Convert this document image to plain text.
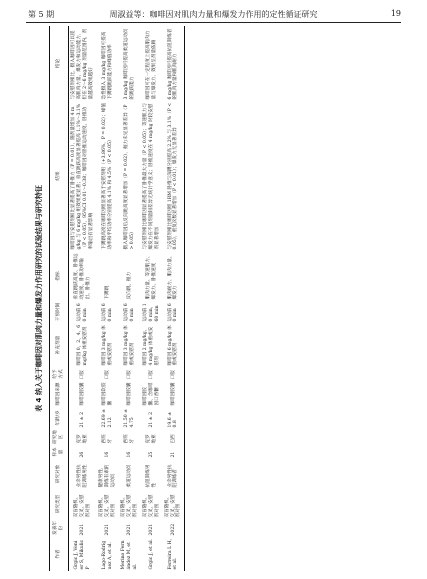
第 5 期	周淑益等：咖啡因对肌肉力量和爆发力作用的定性循证研究	19
表 4 纳入关于咖啡因对肌肉力量和爆发力作用研究的试验结果与研究特征
作者	发表年份	研究类型	研究对象	样本量	研究地区	年龄/岁	咖啡因来源	给予方式	补充剂量	干预时间	指标	结果	结论
Grgic J, Venier S, Mikulic P	2021	双盲随机、交叉、安慰剂对照	业余男性抗阻训练男性	26	克罗地亚	21 ± 2	咖啡因胶囊	口服	咖啡因 0、2、4、6 mg/kg 体重安慰剂	运动前 60 min	垂直跳跃高度、卧推运动速度、卧推功率输出、卧推力	咖啡因与安慰剂相比显著提高了卧推力（P = 0.01），随剂量增加 4 mg/kg 与 6 mg/kg 组效果更显著；垂直跳跃高度显著提高 1.1%～3.1%（P < 0.05），95%CI 0.01～0.38；咖啡因对卧推运动速度、卧推功率输出有显著影响	与安慰剂相比，摄入咖啡因可以提高肌肉力量、爆发力和运动能力，但在 2～6 mg/kg 剂量范围内，剂量越高效果越好
Lago-Rodríguez A, et al.	2021	双盲随机、交叉、安慰剂对照	健康男性，训练有素的运动员	16	西班牙	22.69 ± 2.12	咖啡因软胶囊	口服	咖啡因 3 mg/kg 体重或安慰剂	运动前 60 min	下蹲跳	下蹲跳高度在咖啡因组显著高于安慰剂组（+3.86%，P = 0.02）；峰值功率和平均功率分别提高 4.1% 和 4.5%（P < 0.05）	急性摄入 3 mg/kg 咖啡因可提高下蹲跳跳跃能力和峰值功率
Merino Fernández M, et al.	2021	双盲随机、交叉、安慰剂对照	柔道运动员	16	西班牙	21.50 ± 4.75	咖啡因胶囊	口服	咖啡因 3 mg/kg 体重或安慰剂	运动前 60 min	反向跳、握力	摄入咖啡因后反向跳高度显著增加（P = 0.02），握力未见显著差异（P > 0.05）	3 mg/kg 咖啡因可提高柔道运动员的跳跃能力
Grgic J, et al.	2021	双盲随机、交叉、安慰剂对照	抗阻训练男性	25	克罗地亚	21 ± 2	咖啡因胶囊、含咖啡因口香糖	口服	咖啡因 2 mg/kg、4 mg/kg 体重或安慰剂	运动前 10 min、60 min	肌肉力量、等速肌力、爆发力、卧推速度	与安慰剂相比咖啡因显著提高了卧推最大力量（P < 0.05）；等速肌力与爆发力在不同剂量间差异无统计学意义；卧推速度在 4 mg/kg 时较安慰剂显著增加	咖啡因可在一定程度上提高肌肉力量与爆发力，效果呈剂量依赖
Ferreira L H, et al.	2022	双盲随机、交叉、安慰剂对照	业余男性抗阻训练者	21	巴西	19.6 ± 0.8	咖啡因胶囊	口服	咖啡因 6 mg/kg 体重或安慰剂	运动前 60 min	肌肉耐力、肌肉力量、爆发力	与安慰剂相比咖啡因组 1RM 卧推与深蹲分别提高 2.2% 与 3.1%（P < 0.05），重复次数显著增加（P < 0.01）；爆发力无显著差异	6 mg/kg 咖啡因可提高抗阻训练者的肌肉力量和肌肉耐力
